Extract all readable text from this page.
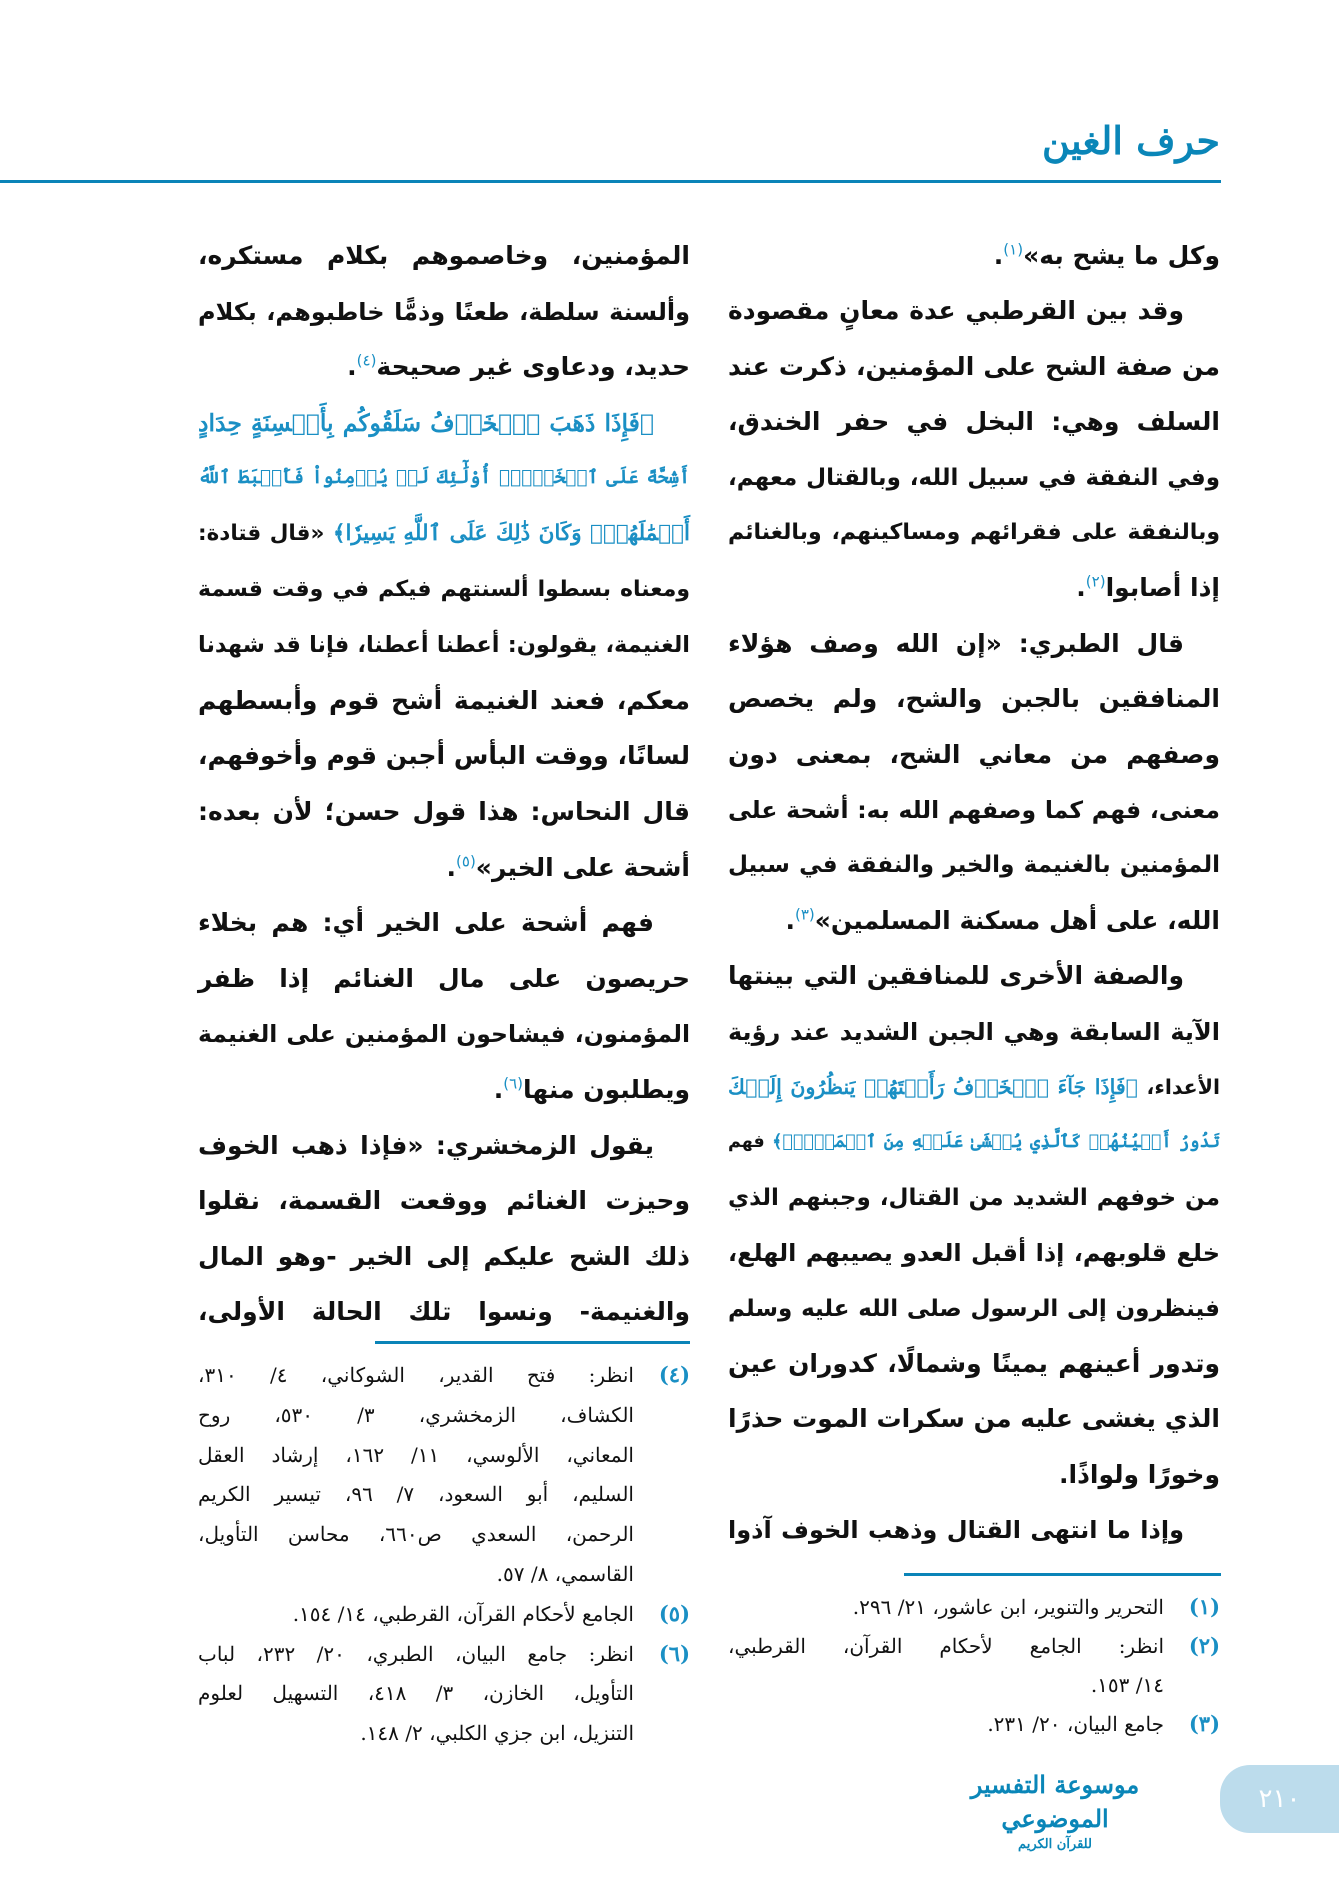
حرف الغين
وكل ما يشح به»$^{(١)}$.
وقد بين القرطبي عدة معانٍ مقصودة
من صفة الشح على المؤمنين، ذكرت عند
السلف وهي: البخل في حفر الخندق،
وفي النفقة في سبيل الله، وبالقتال معهم،
وبالنفقة على فقرائهم ومساكينهم، وبالغنائم
إذا أصابوا$^{(٢)}$.
قال الطبري: «إن الله وصف هؤلاء
المنافقين بالجبن والشح، ولم يخصص
وصفهم من معاني الشح، بمعنى دون
معنى، فهم كما وصفهم الله به: أشحة على
المؤمنين بالغنيمة والخير والنفقة في سبيل
الله، على أهل مسكنة المسلمين»$^{(٣)}$.
والصفة الأخرى للمنافقين التي بينتها
الآية السابقة وهي الجبن الشديد عند رؤية
الأعداء، ﴿فَإِذَا جَآءَ ٱلۡخَوۡفُ رَأَيۡتَهُمۡ يَنظُرُونَ إِلَيۡكَ
تَدُورُ أَعۡيُنُهُمۡ كَٱلَّذِي يُغۡشَىٰ عَلَيۡهِ مِنَ ٱلۡمَوۡتِۖ﴾ فهم
من خوفهم الشديد من القتال، وجبنهم الذي
خلع قلوبهم، إذا أقبل العدو يصيبهم الهلع،
فينظرون إلى الرسول صلى الله عليه وسلم
وتدور أعينهم يمينًا وشمالًا، كدوران عين
الذي يغشى عليه من سكرات الموت حذرًا
وخورًا ولواذًا.
وإذا ما انتهى القتال وذهب الخوف آذوا
(١)
التحرير والتنوير، ابن عاشور، ٢١/ ٢٩٦.
(٢)
انظر: الجامع لأحكام القرآن، القرطبي،
١٤/ ١٥٣.
(٣)
جامع البيان، ٢٠/ ٢٣١.
المؤمنين، وخاصموهم بكلام مستكره،
وألسنة سلطة، طعنًا وذمًّا خاطبوهم، بكلام
حديد، ودعاوى غير صحيحة$^{(٤)}$.
﴿فَإِذَا ذَهَبَ ٱلۡخَوۡفُ سَلَقُوكُم بِأَلۡسِنَةٍ حِدَادٍ
أَشِحَّةً عَلَى ٱلۡخَيۡرِۚ أُوْلَٰٓئِكَ لَمۡ يُؤۡمِنُواْ فَأَحۡبَطَ ٱللَّهُ
أَعۡمَٰلَهُمۡۚ وَكَانَ ذَٰلِكَ عَلَى ٱللَّهِ يَسِيرٗا﴾ «قال قتادة:
ومعناه بسطوا ألسنتهم فيكم في وقت قسمة
الغنيمة، يقولون: أعطنا أعطنا، فإنا قد شهدنا
معكم، فعند الغنيمة أشح قوم وأبسطهم
لسانًا، ووقت البأس أجبن قوم وأخوفهم،
قال النحاس: هذا قول حسن؛ لأن بعده:
أشحة على الخير»$^{(٥)}$.
فهم أشحة على الخير أي: هم بخلاء
حريصون على مال الغنائم إذا ظفر
المؤمنون، فيشاحون المؤمنين على الغنيمة
ويطلبون منها$^{(٦)}$.
يقول الزمخشري: «فإذا ذهب الخوف
وحيزت الغنائم ووقعت القسمة، نقلوا
ذلك الشح عليكم إلى الخير -وهو المال
والغنيمة- ونسوا تلك الحالة الأولى،
(٤)
انظر: فتح القدير، الشوكاني، ٤/ ٣١٠،
الكشاف، الزمخشري، ٣/ ٥٣٠، روح
المعاني، الألوسي، ١١/ ١٦٢، إرشاد العقل
السليم، أبو السعود، ٧/ ٩٦، تيسير الكريم
الرحمن، السعدي ص٦٦٠، محاسن التأويل،
القاسمي، ٨/ ٥٧.
(٥)
الجامع لأحكام القرآن، القرطبي، ١٤/ ١٥٤.
(٦)
انظر: جامع البيان، الطبري، ٢٠/ ٢٣٢، لباب
التأويل، الخازن، ٣/ ٤١٨، التسهيل لعلوم
التنزيل، ابن جزي الكلبي، ٢/ ١٤٨.
موسوعة التفسير الموضوعي
للقرآن الكريم
٢١٠
